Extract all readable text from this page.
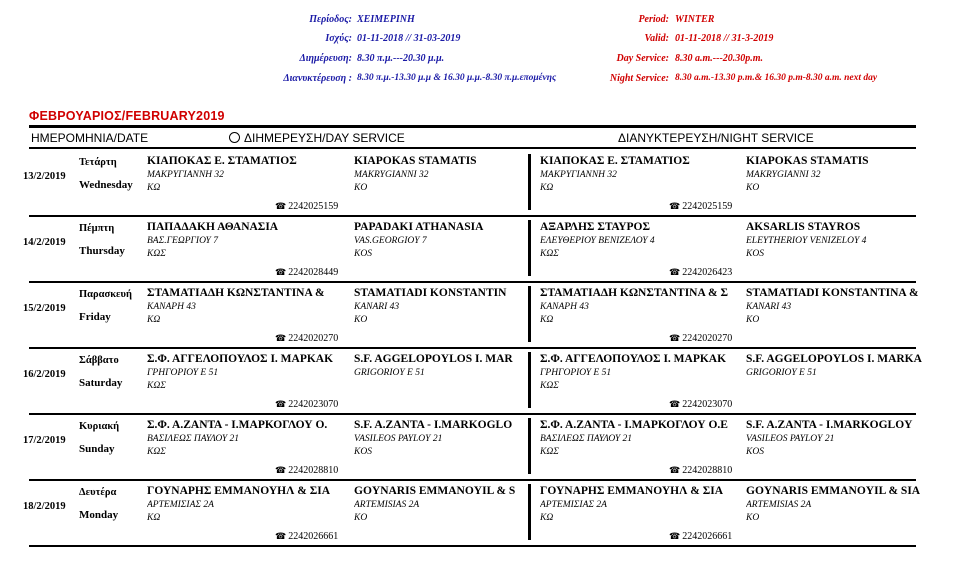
Περίοδος: ΧΕΙΜΕΡΙΝΗ
Ισχύς: 01-11-2018 // 31-03-2019
Διημέρευση: 8.30 π.μ.---20.30 μ.μ.
Διανυκτέρευση : 8.30 π.μ.-13.30 μ.μ & 16.30 μ.μ.-8.30 π.μ.επομένης
Period: WINTER
Valid: 01-11-2018 // 31-3-2019
Day Service: 8.30 a.m.---20.30p.m.
Night Service: 8.30 a.m.-13.30 p.m.& 16.30 p.m-8.30 a.m. next day
ΦΕΒΡΟΥΑΡΙΟΣ/FEBRUARY2019
ΗΜΕΡΟΜΗΝΙΑ/DATE	ΔΙΗΜΕΡΕΥΣΗ/DAY SERVICE	ΔΙΑΝΥΚΤΕΡΕΥΣΗ/NIGHT SERVICE
13/2/2019
Τετάρτη
Wednesday
ΚΙΑΠΟΚΑΣ Ε. ΣΤΑΜΑΤΙΟΣ
ΜΑΚΡΥΓΙΑΝΝΗ 32
ΚΩ
KIAPOKAS STAMATIS
MAKRYGIANNI 32
KO
☎ 2242025159
ΚΙΑΠΟΚΑΣ Ε. ΣΤΑΜΑΤΙΟΣ
ΜΑΚΡΥΓΙΑΝΝΗ 32
ΚΩ
KIAPOKAS STAMATIS
MAKRYGIANNI 32
KO
☎ 2242025159
14/2/2019
Πέμπτη
Thursday
ΠΑΠΑΔΑΚΗ ΑΘΑΝΑΣΙΑ
ΒΑΣ.ΓΕΩΡΓΙΟΥ 7
ΚΩΣ
PAPADAKI ATHANASIA
VAS.GEORGIOY 7
KOS
☎ 2242028449
ΑΞΑΡΛΗΣ ΣΤΑΥΡΟΣ
ΕΛΕΥΘΕΡΙΟΥ ΒΕΝΙΖΕΛΟΥ 4
ΚΩΣ
AKSARLIS STAYROS
ELEYTHERIOY VENIZELOY 4
KOS
☎ 2242026423
15/2/2019
Παρασκευή
Friday
ΣΤΑΜΑΤΙΑΔΗ ΚΩΝΣΤΑΝΤΙΝΑ &
ΚΑΝΑΡΗ 43
ΚΩ
STAMATIADI KONSTANTIN
KANARI 43
KO
☎ 2242020270
ΣΤΑΜΑΤΙΑΔΗ ΚΩΝΣΤΑΝΤΙΝΑ & Σ
ΚΑΝΑΡΗ 43
ΚΩ
STAMATIADI KONSTANTINA &
KANARI 43
KO
☎ 2242020270
16/2/2019
Σάββατο
Saturday
Σ.Φ. ΑΓΓΕΛΟΠΟΥΛΟΣ Ι. ΜΑΡΚΑΚ
ΓΡΗΓΟΡΙΟΥ Ε 51
ΚΩΣ
S.F. AGGELOPOYLOS I. MAR
GRIGORIOY E 51
☎ 2242023070
Σ.Φ. ΑΓΓΕΛΟΠΟΥΛΟΣ Ι. ΜΑΡΚΑΚ
ΓΡΗΓΟΡΙΟΥ Ε 51
ΚΩΣ
S.F. AGGELOPOYLOS I. MARKA
GRIGORIOY E 51
☎ 2242023070
17/2/2019
Κυριακή
Sunday
Σ.Φ. Α.ΖΑΝΤΑ - Ι.ΜΑΡΚΟΓΛΟΥ Ο.
ΒΑΣΙΛΕΩΣ ΠΑΥΛΟΥ 21
ΚΩΣ
S.F. A.ZANTA - I.MARKOGLO
VASILEOS PAYLOY 21
KOS
☎ 2242028810
Σ.Φ. Α.ΖΑΝΤΑ - Ι.ΜΑΡΚΟΓΛΟΥ Ο.Ε
ΒΑΣΙΛΕΩΣ ΠΑΥΛΟΥ 21
ΚΩΣ
S.F. A.ZANTA - I.MARKOGLOY
VASILEOS PAYLOY 21
KOS
☎ 2242028810
18/2/2019
Δευτέρα
Monday
ΓΟΥΝΑΡΗΣ ΕΜΜΑΝΟΥΗΛ & ΣΙΑ
ΑΡΤΕΜΙΣΙΑΣ 2Α
ΚΩ
GOYNARIS EMMANOYIL & S
ARTEMISIAS 2A
KO
☎ 2242026661
ΓΟΥΝΑΡΗΣ ΕΜΜΑΝΟΥΗΛ & ΣΙΑ
ΑΡΤΕΜΙΣΙΑΣ 2Α
ΚΩ
GOYNARIS EMMANOYIL & SIA
ARTEMISIAS 2A
KO
☎ 2242026661
